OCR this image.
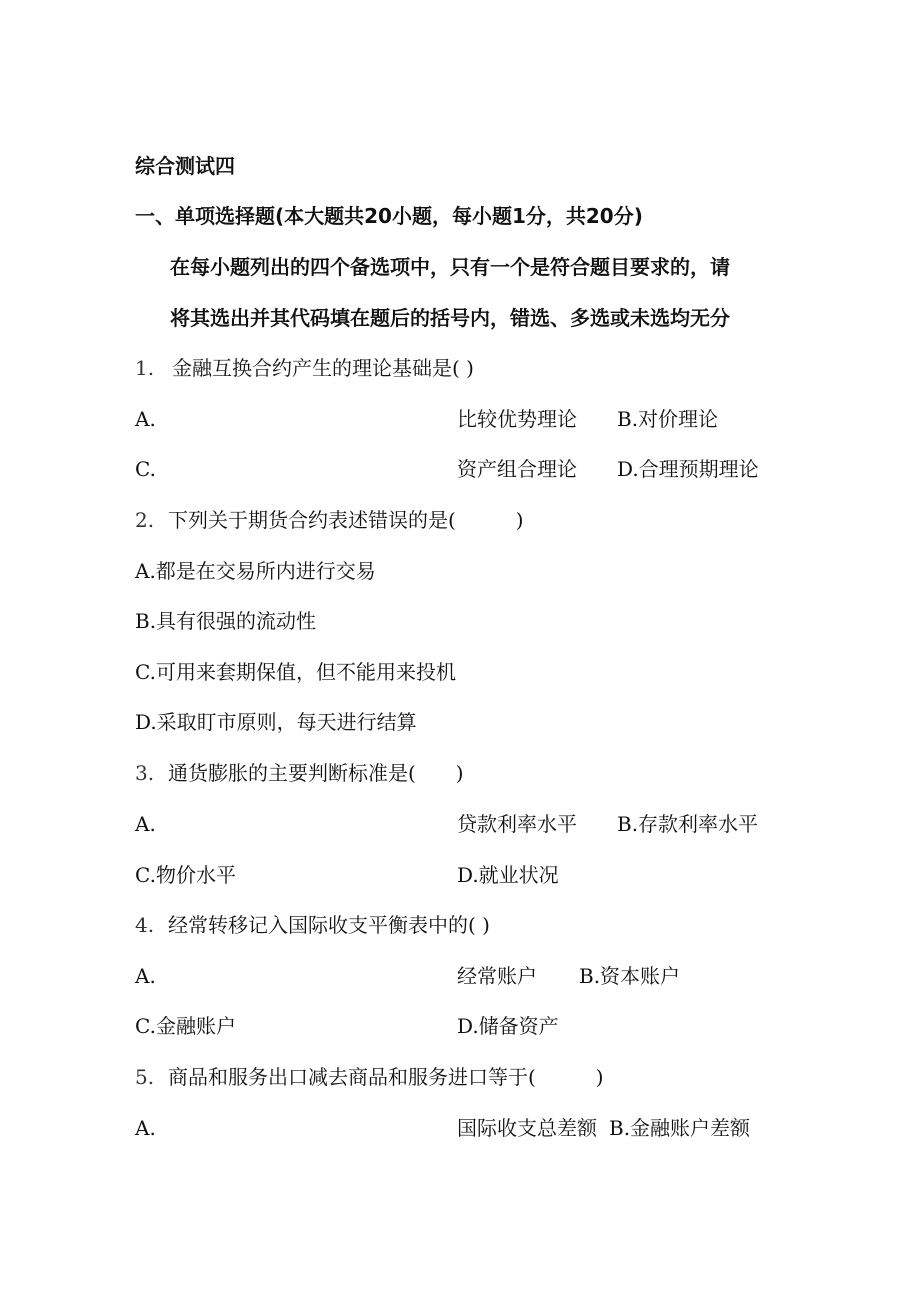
综合测试四
一、单项选择题(本大题共20小题，每小题1分，共20分)
在每小题列出的四个备选项中，只有一个是符合题目要求的，请
将其选出并其代码填在题后的括号内，错选、多选或未选均无分
1. 金融互换合约产生的理论基础是( )
A.	比较优势理论 B.对价理论
C.	资产组合理论 D.合理预期理论
2. 下列关于期货合约表述错误的是(　　　)
A.都是在交易所内进行交易
B.具有很强的流动性
C.可用来套期保值，但不能用来投机
D.采取盯市原则，每天进行结算
3. 通货膨胀的主要判断标准是(　　)
A.	贷款利率水平 B.存款利率水平
C.物价水平	D.就业状况
4. 经常转移记入国际收支平衡表中的( )
A.	经常账户 B.资本账户
C.金融账户	D.储备资产
5. 商品和服务出口减去商品和服务进口等于(　　　)
A.	国际收支总差额 B.金融账户差额
